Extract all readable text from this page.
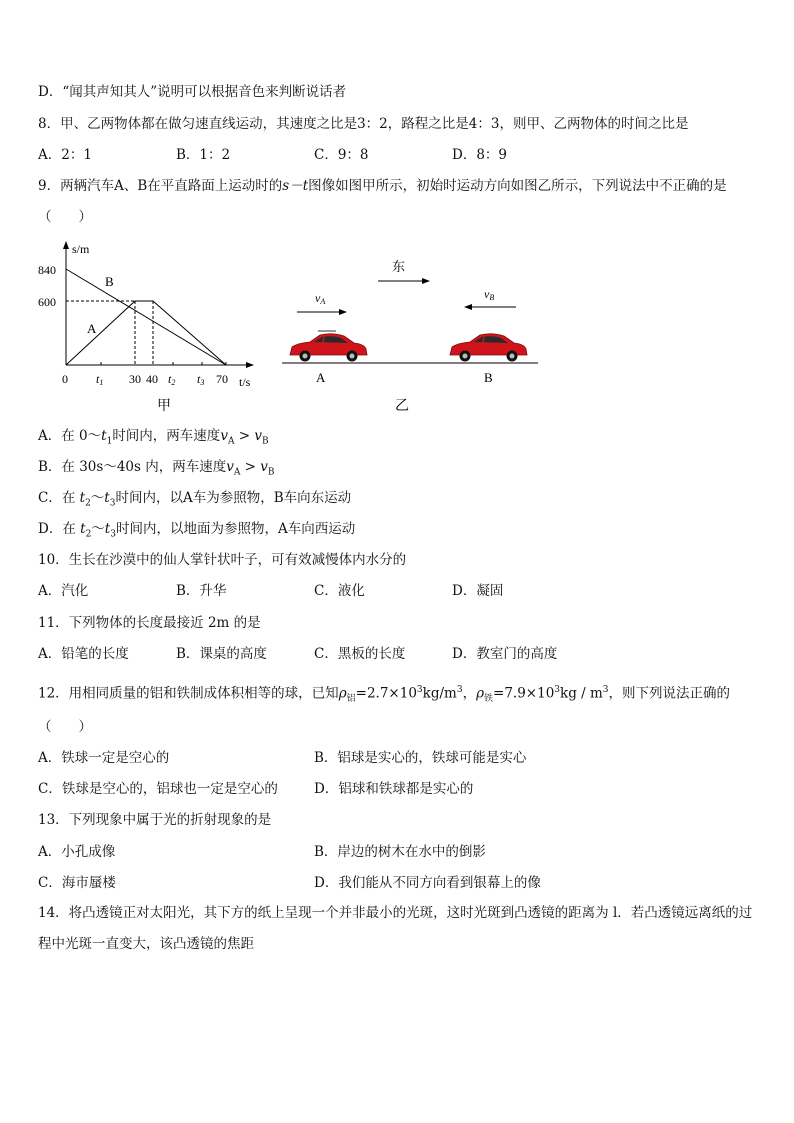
D．“闻其声知其人”说明可以根据音色来判断说话者
8．甲、乙两物体都在做匀速直线运动，其速度之比是3：2，路程之比是4：3，则甲、乙两物体的时间之比是
A．2：1	B．1：2	C．9：8	D．8：9
9．两辆汽车A、B在平直路面上运动时的s－t图像如图甲所示，初始时运动方向如图乙所示，下列说法中不正确的是
（　　）
s/m
840
600
B
A
0 t1 30 40 t2 t3 70 t/s
甲
东
vA
vB
A	B
乙
A．在 $0\sim t_1$时间内，两车速度$v_A > v_B$
B．在 30s～40s 内，两车速度$v_A > v_B$
C．在 $t_2\sim t_3$时间内，以A车为参照物，B车向东运动
D．在 $t_2\sim t_3$时间内，以地面为参照物，A车向西运动
10．生长在沙漠中的仙人掌针状叶子，可有效减慢体内水分的
A．汽化	B．升华	C．液化	D．凝固
11．下列物体的长度最接近 2m 的是
A．铅笔的长度	B．课桌的高度	C．黑板的长度	D．教室门的高度
12．用相同质量的铝和铁制成体积相等的球，已知$\rho_铝=2.7\times 10^3kg/m^3$，$\rho_铁=7.9\times 10^3kg / m^3$，则下列说法正确的
（　　）
A．铁球一定是空心的	B．铝球是实心的，铁球可能是实心
C．铁球是空心的，铝球也一定是空心的	D．铝球和铁球都是实心的
13．下列现象中属于光的折射现象的是
A．小孔成像	B．岸边的树木在水中的倒影
C．海市蜃楼	D．我们能从不同方向看到银幕上的像
14．将凸透镜正对太阳光，其下方的纸上呈现一个并非最小的光斑，这时光斑到凸透镜的距离为 l．若凸透镜远离纸的过程中光斑一直变大，该凸透镜的焦距
